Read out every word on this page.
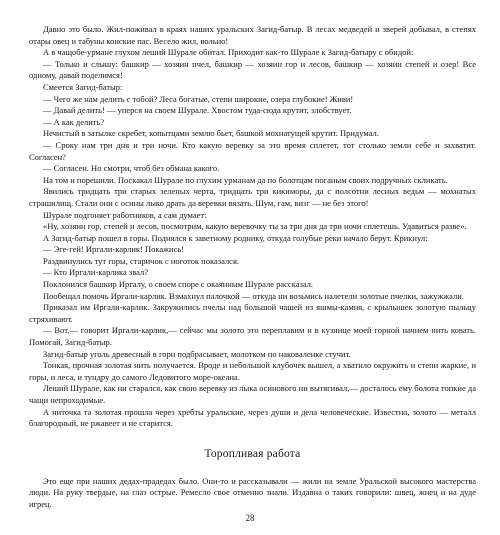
Давно это было. Жил-поживал в краях наших уральских Загид-батыр. В лесах медведей и зверей добывал, в степях отары овец и табуны конские пас. Весело жил, вольно!

А в чащобе-урмане глухом леший Шурале обитал. Приходит как-то Шурале к Загид-батыру с обидой:

— Только и слышу: башкир — хозяин пчел, башкир — хозяин гор и лесов, башкир — хозяин степей и озер! Все одному, давай поделимся!

Смеется Загид-батыр:

— Чего же нам делить с тобой? Леса богатые, степи широкие, озера глубокие! Живи!

— Давай делить! — уперся на своем Шурале. Хвостом туда-сюда крутит, злобствует.

— А как делить?

Нечистый в затылке скребет, копытцами землю бьет, башкой мохнатущей крутит. Придумал.

— Сроку нам три дня и три ночи. Кто какую веревку за это время сплетет, тот столько земли себе и захватит. Согласен?

— Согласен. Но смотри, чтоб без обмана какого.

На том и порешили. Поскакал Шурале по глухим урманам да по болотцам поганым своих подручных скликать.

Явились тридцать три старых зеленых черта, тридцать три кикиморы, да с полсотни лесных ведьм — мохнатых страшилищ. Стали они с осины лыко драть да веревки вязать. Шум, гам, визг — не без этого!

Шурале подгоняет работников, а сам думает:

«Ну, хозяин гор, степей и лесов, посмотрим, какую веревочку ты за три дня да три ночи сплетешь. Удавиться разве».

А Загид-батыр пошел в горы. Поднялся к заветному роднику, откуда голубые реки начало берут. Крикнул:

— Эге-гей! Иргали-карлик! Покажись!

Раздвинулись тут горы, старичок с ноготок показался.

— Кто Иргали-карлика звал?

Поклонился башкир Иргалу, о своем споре с окаянным Шурале рассказал.

Пообещал помочь Иргали-карлик. Взмахнул палочкой — откуда ни возьмись налетели золотые пчелки, зажужжали.

Приказал им Иргали-карлик. Закружились пчелы над большой чашей из яшмы-камня, с крылышек золотую пыльцу стряхивают.

— Вот,— говорит Иргали-карлик,— сейчас мы золото это переплавим и в кузнице моей горной начнем нить ковать. Помогай, Загид-батыр.

Загид-батыр уголь древесный в горн подбрасывает, молотком по наковаленке стучит.

Тонкая, прочная золотая нить получается. Вроде и небольшой клубочек вышел, а хватило окружить и степи жаркие, и горы, и леса, и тундру до самого Ледовитого море-океана.

Леший Шурале, как ни старался, как свою веревку из лыка осинового ни вытягивал,— досталось ему болота топкие да чащи непроходимые.

А ниточка та золотая прошла через хребты уральские, через души и дела человеческие. Известно, золото — металл благородный, не ржавеет и не старится.

Торопливая работа

Это еще при наших дедах-прадедах было. Они-то и рассказывали — жили на земле Уральской высокого мастерства люди. На руку твердые, на глаз острые. Ремесло свое отменно знали. Издавна о таких говорили: швец, жнец и на дуде игрец.

28
